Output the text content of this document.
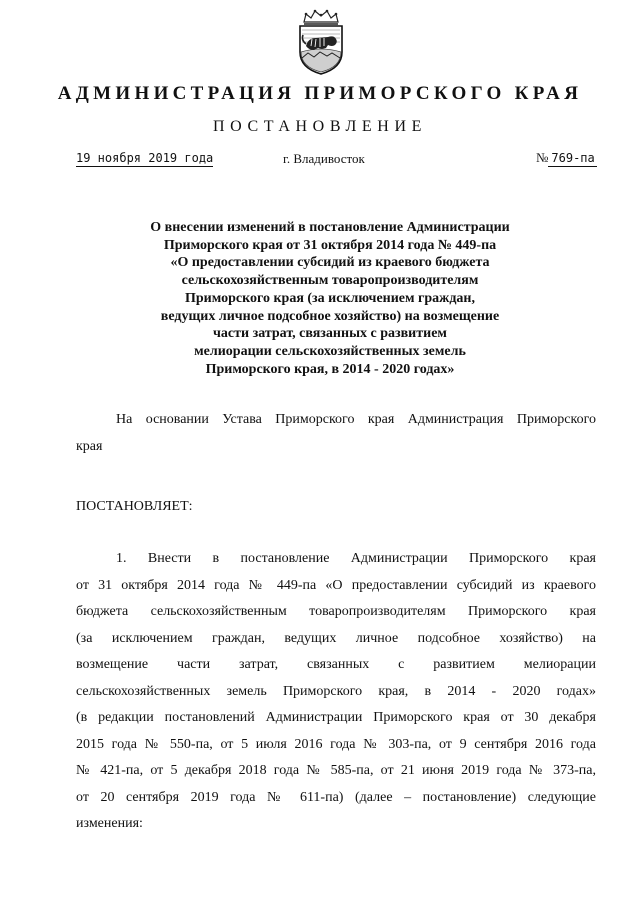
АДМИНИСТРАЦИЯ ПРИМОРСКОГО КРАЯ
ПОСТАНОВЛЕНИЕ
19 ноября 2019 года	г. Владивосток	№ 769-па
О внесении изменений в постановление Администрации
Приморского края от 31 октября 2014 года № 449-па
«О предоставлении субсидий из краевого бюджета
сельскохозяйственным товаропроизводителям
Приморского края (за исключением граждан,
ведущих личное подсобное хозяйство) на возмещение
части затрат, связанных с развитием
мелиорации сельскохозяйственных земель
Приморского края, в 2014 - 2020 годах»
На основании Устава Приморского края Администрация Приморского
края
ПОСТАНОВЛЯЕТ:
1. Внести в постановление Администрации Приморского края
от 31 октября 2014 года № 449-па «О предоставлении субсидий из краевого
бюджета сельскохозяйственным товаропроизводителям Приморского края
(за исключением граждан, ведущих личное подсобное хозяйство) на
возмещение части затрат, связанных с развитием мелиорации
сельскохозяйственных земель Приморского края, в 2014 - 2020 годах»
(в редакции постановлений Администрации Приморского края от 30 декабря
2015 года № 550-па, от 5 июля 2016 года № 303-па, от 9 сентября 2016 года
№ 421-па, от 5 декабря 2018 года № 585-па, от 21 июня 2019 года № 373-па,
от 20 сентября 2019 года № 611-па) (далее – постановление) следующие
изменения:
